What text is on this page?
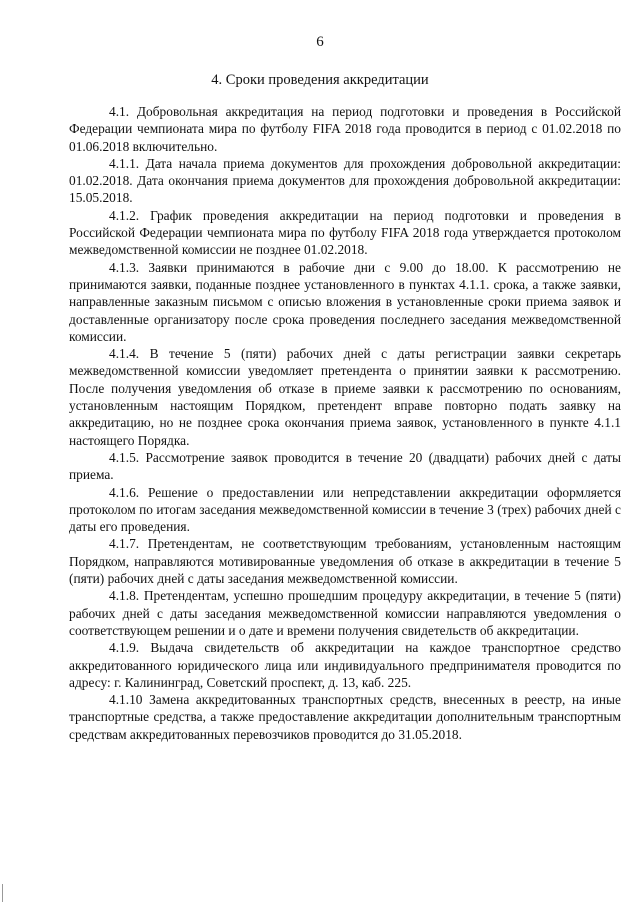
6
4. Сроки проведения аккредитации

4.1. Добровольная аккредитация на период подготовки и проведения в Российской Федерации чемпионата мира по футболу FIFA 2018 года проводится в период с 01.02.2018 по 01.06.2018 включительно.

4.1.1. Дата начала приема документов для прохождения добровольной аккредитации: 01.02.2018. Дата окончания приема документов для прохождения добровольной аккредитации: 15.05.2018.

4.1.2. График проведения аккредитации на период подготовки и проведения в Российской Федерации чемпионата мира по футболу FIFA 2018 года утверждается протоколом межведомственной комиссии не позднее 01.02.2018.

4.1.3. Заявки принимаются в рабочие дни с 9.00 до 18.00. К рассмотрению не принимаются заявки, поданные позднее установленного в пунктах 4.1.1. срока, а также заявки, направленные заказным письмом с описью вложения в установленные сроки приема заявок и доставленные организатору после срока проведения последнего заседания межведомственной комиссии.

4.1.4. В течение 5 (пяти) рабочих дней с даты регистрации заявки секретарь межведомственной комиссии уведомляет претендента о принятии заявки к рассмотрению. После получения уведомления об отказе в приеме заявки к рассмотрению по основаниям, установленным настоящим Порядком, претендент вправе повторно подать заявку на аккредитацию, но не позднее срока окончания приема заявок, установленного в пункте 4.1.1 настоящего Порядка.

4.1.5. Рассмотрение заявок проводится в течение 20 (двадцати) рабочих дней с даты приема.

4.1.6. Решение о предоставлении или непредставлении аккредитации оформляется протоколом по итогам заседания межведомственной комиссии в течение 3 (трех) рабочих дней с даты его проведения.

4.1.7. Претендентам, не соответствующим требованиям, установленным настоящим Порядком, направляются мотивированные уведомления об отказе в аккредитации в течение 5 (пяти) рабочих дней с даты заседания межведомственной комиссии.

4.1.8. Претендентам, успешно прошедшим процедуру аккредитации, в течение 5 (пяти) рабочих дней с даты заседания межведомственной комиссии направляются уведомления о соответствующем решении и о дате и времени получения свидетельств об аккредитации.

4.1.9. Выдача свидетельств об аккредитации на каждое транспортное средство аккредитованного юридического лица или индивидуального предпринимателя проводится по адресу: г. Калининград, Советский проспект, д. 13, каб. 225.

4.1.10 Замена аккредитованных транспортных средств, внесенных в реестр, на иные транспортные средства, а также предоставление аккредитации дополнительным транспортным средствам аккредитованных перевозчиков проводится до 31.05.2018.
